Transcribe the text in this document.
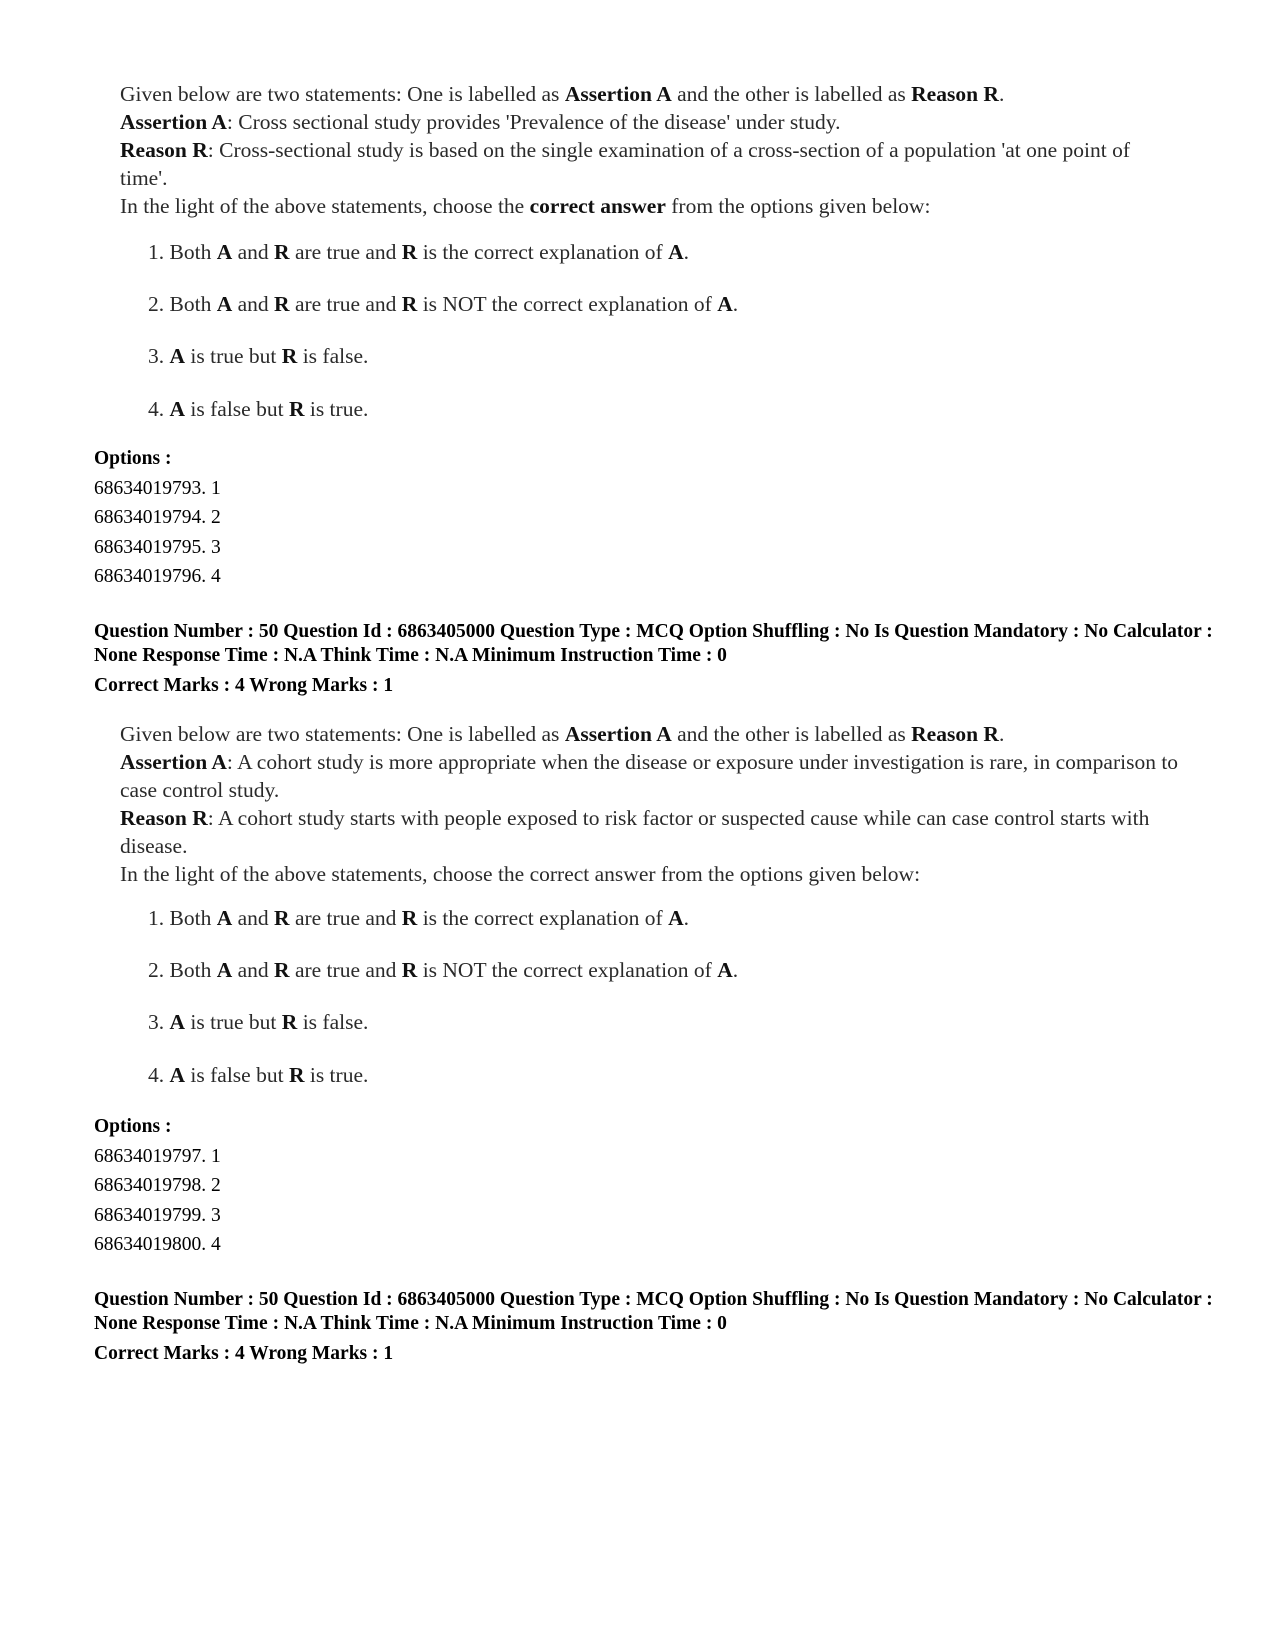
Given below are two statements: One is labelled as Assertion A and the other is labelled as Reason R.

Assertion A: Cross sectional study provides 'Prevalence of the disease' under study.

Reason R: Cross-sectional study is based on the single examination of a cross-section of a population 'at one point of time'.

In the light of the above statements, choose the correct answer from the options given below:

1. Both A and R are true and R is the correct explanation of A.
2. Both A and R are true and R is NOT the correct explanation of A.
3. A is true but R is false.
4. A is false but R is true.
Options :
68634019793. 1
68634019794. 2
68634019795. 3
68634019796. 4

Question Number : 50 Question Id : 6863405000 Question Type : MCQ Option Shuffling : No Is Question Mandatory : No Calculator : None Response Time : N.A Think Time : N.A Minimum Instruction Time : 0

Correct Marks : 4 Wrong Marks : 1

Given below are two statements: One is labelled as Assertion A and the other is labelled as Reason R.

Assertion A: A cohort study is more appropriate when the disease or exposure under investigation is rare, in comparison to case control study.

Reason R: A cohort study starts with people exposed to risk factor or suspected cause while can case control starts with disease.

In the light of the above statements, choose the correct answer from the options given below:

1. Both A and R are true and R is the correct explanation of A.
2. Both A and R are true and R is NOT the correct explanation of A.
3. A is true but R is false.
4. A is false but R is true.
Options :
68634019797. 1
68634019798. 2
68634019799. 3
68634019800. 4

Question Number : 50 Question Id : 6863405000 Question Type : MCQ Option Shuffling : No Is Question Mandatory : No Calculator : None Response Time : N.A Think Time : N.A Minimum Instruction Time : 0

Correct Marks : 4 Wrong Marks : 1
